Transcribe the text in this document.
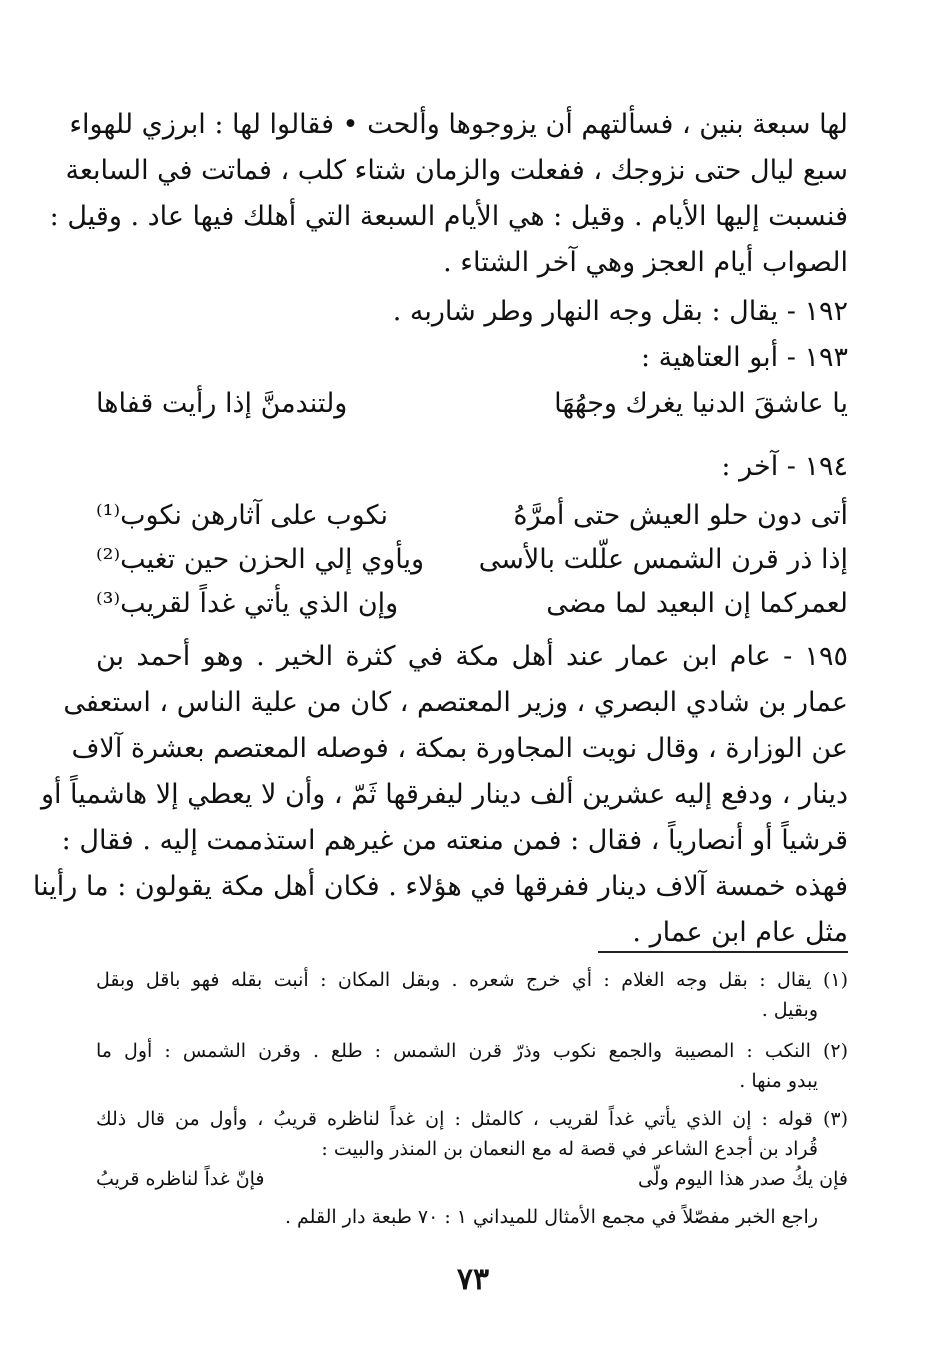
لها سبعة بنين ، فسألتهم أن يزوجوها وألحت • فقالوا لها : ابرزي للهواء
سبع ليال حتى نزوجك ، ففعلت والزمان شتاء كلب ، فماتت في السابعة
فنسبت إليها الأيام . وقيل : هي الأيام السبعة التي أهلك فيها عاد . وقيل :
الصواب أيام العجز وهي آخر الشتاء .
١٩٢ - يقال : بقل وجه النهار وطر شاربه .
١٩٣ - أبو العتاهية :
يا عاشقَ الدنيا يغرك وجهُهَا
ولتندمنَّ إذا رأيت قفاها
١٩٤ - آخر :
أتى دون حلو العيش حتى أمرَّهُ
نكوب على آثارهن نكوب⁽¹⁾
إذا ذر قرن الشمس علّلت بالأسى
ويأوي إلي الحزن حين تغيب⁽²⁾
لعمركما إن البعيد لما مضى
وإن الذي يأتي غداً لقريب⁽³⁾
١٩٥ - عام ابن عمار عند أهل مكة في كثرة الخير . وهو أحمد بن
عمار بن شادي البصري ، وزير المعتصم ، كان من علية الناس ، استعفى
عن الوزارة ، وقال نويت المجاورة بمكة ، فوصله المعتصم بعشرة آلاف
دينار ، ودفع إليه عشرين ألف دينار ليفرقها ثَمّ ، وأن لا يعطي إلا هاشمياً أو
قرشياً أو أنصارياً ، فقال : فمن منعته من غيرهم استذممت إليه . فقال :
فهذه خمسة آلاف دينار ففرقها في هؤلاء . فكان أهل مكة يقولون : ما رأينا
مثل عام ابن عمار .
(١) يقال : بقل وجه الغلام : أي خرج شعره . وبقل المكان : أنبت بقله فهو باقل وبقل
وبقيل .
(٢) النكب : المصيبة والجمع نكوب وذرّ قرن الشمس : طلع . وقرن الشمس : أول ما
يبدو منها .
(٣) قوله : إن الذي يأتي غداً لقريب ، كالمثل : إن غداً لناظره قريبُ ، وأول من قال ذلك
قُراد بن أجدع الشاعر في قصة له مع النعمان بن المنذر والبيت :
فإن يكُ صدر هذا اليوم ولّى
فإنّ غداً لناظره قريبُ
راجع الخبر مفصّلاً في مجمع الأمثال للميداني ١ : ٧٠ طبعة دار القلم .
٧٣
